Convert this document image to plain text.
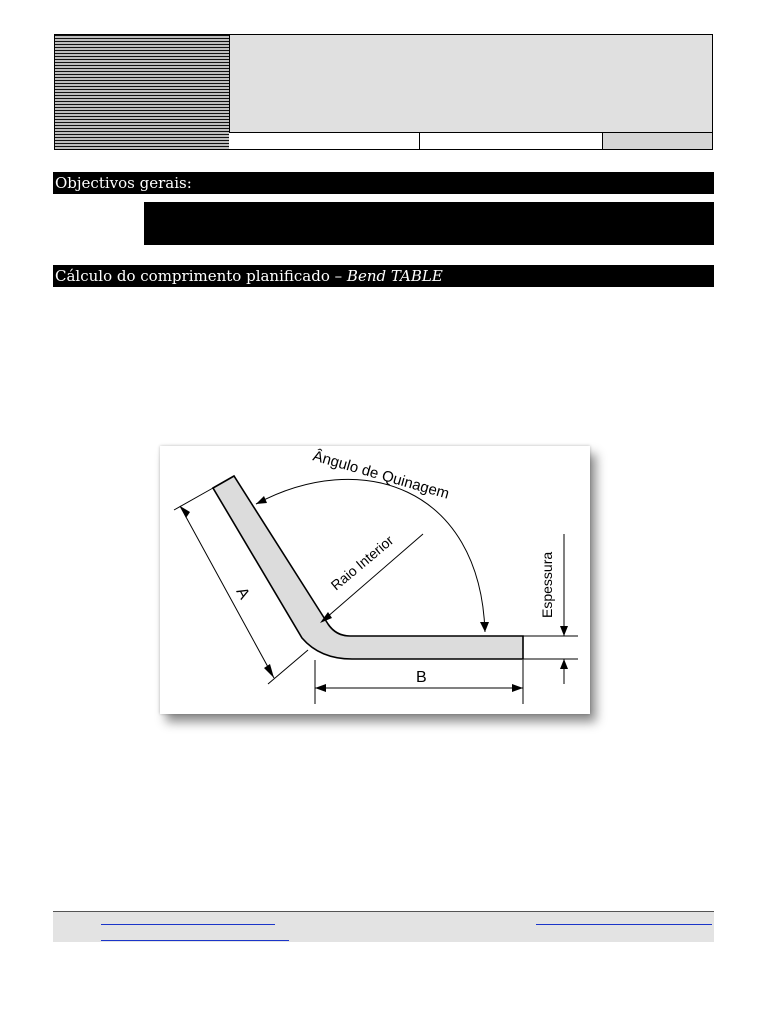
Objectivos gerais:
Cálculo do comprimento planificado – Bend TABLE
A
B
Raio Interior
Ângulo de Quinagem
Espessura
